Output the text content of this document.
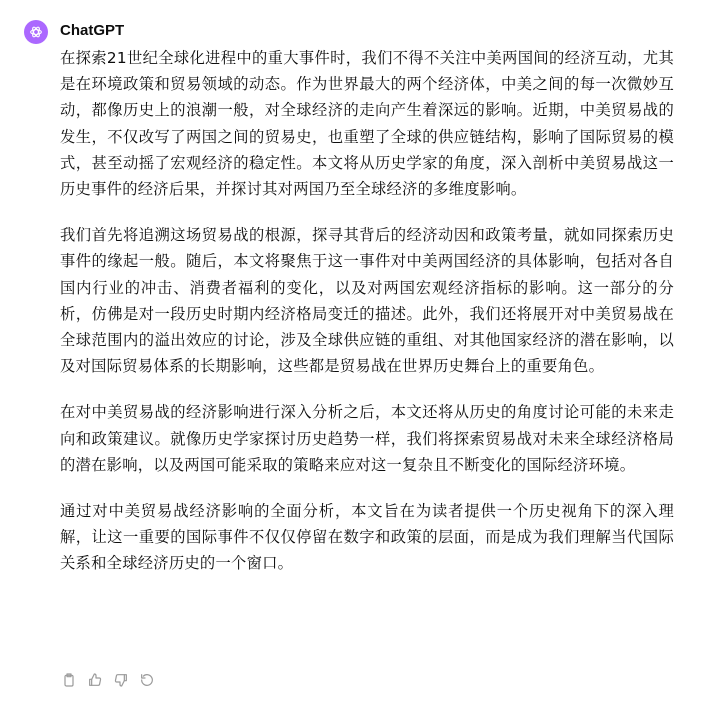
ChatGPT

在探索21世纪全球化进程中的重大事件时，我们不得不关注中美两国间的经济互动，尤其是在环境政策和贸易领域的动态。作为世界最大的两个经济体，中美之间的每一次微妙互动，都像历史上的浪潮一般，对全球经济的走向产生着深远的影响。近期，中美贸易战的发生，不仅改写了两国之间的贸易史，也重塑了全球的供应链结构，影响了国际贸易的模式，甚至动摇了宏观经济的稳定性。本文将从历史学家的角度，深入剖析中美贸易战这一历史事件的经济后果，并探讨其对两国乃至全球经济的多维度影响。

我们首先将追溯这场贸易战的根源，探寻其背后的经济动因和政策考量，就如同探索历史事件的缘起一般。随后，本文将聚焦于这一事件对中美两国经济的具体影响，包括对各自国内行业的冲击、消费者福利的变化，以及对两国宏观经济指标的影响。这一部分的分析，仿佛是对一段历史时期内经济格局变迁的描述。此外，我们还将展开对中美贸易战在全球范围内的溢出效应的讨论，涉及全球供应链的重组、对其他国家经济的潜在影响，以及对国际贸易体系的长期影响，这些都是贸易战在世界历史舞台上的重要角色。

在对中美贸易战的经济影响进行深入分析之后，本文还将从历史的角度讨论可能的未来走向和政策建议。就像历史学家探讨历史趋势一样，我们将探索贸易战对未来全球经济格局的潜在影响，以及两国可能采取的策略来应对这一复杂且不断变化的国际经济环境。

通过对中美贸易战经济影响的全面分析，本文旨在为读者提供一个历史视角下的深入理解，让这一重要的国际事件不仅仅停留在数字和政策的层面，而是成为我们理解当代国际关系和全球经济历史的一个窗口。
